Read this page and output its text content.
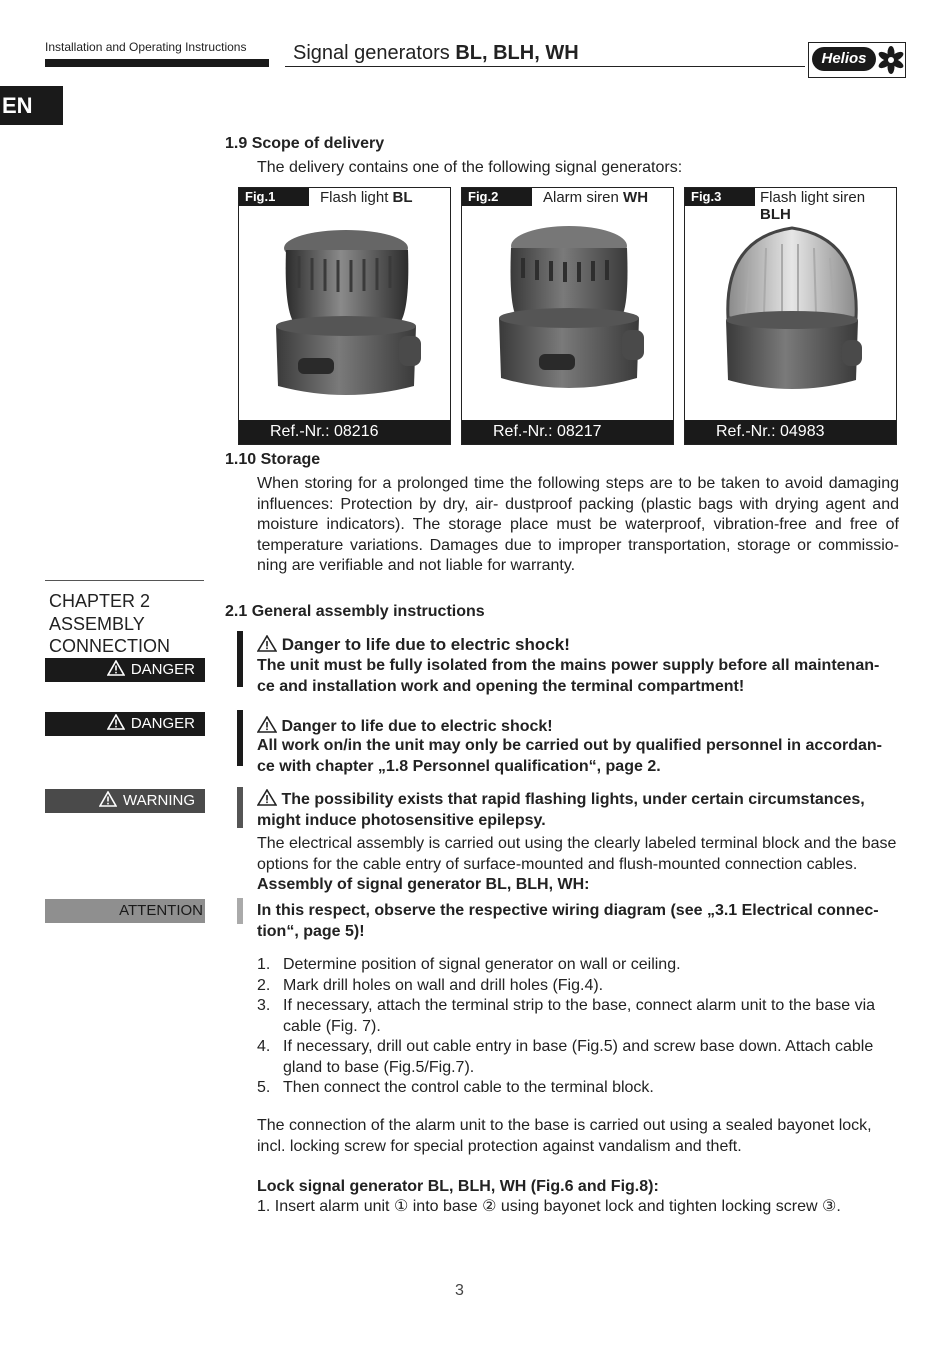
Installation and Operating Instructions Signal generators BL, BLH, WH	Helios
EN
1.9 Scope of delivery
The delivery contains one of the following signal generators:
Fig.1	Flash light BL
Ref.-Nr.: 08216
Fig.2	Alarm siren WH
Ref.-Nr.: 08217
Fig.3	Flash light siren BLH
Ref.-Nr.: 04983
1.10 Storage
When storing for a prolonged time the following steps are to be taken to avoid damaging
influences: Protection by dry, air- dustproof packing (plastic bags with drying agent and
moisture indicators). The storage place must be waterproof, vibration-free and free of
temperature variations. Damages due to improper transportation, storage or commissio-
ning are verifiable and not liable for warranty.
CHAPTER 2
ASSEMBLY
CONNECTION
2.1 General assembly instructions
DANGER
Danger to life due to electric shock!
The unit must be fully isolated from the mains power supply before all maintenan-
ce and installation work and opening the terminal compartment!
DANGER	Danger to life due to electric shock!
All work on/in the unit may only be carried out by qualified personnel in accordan-
ce with chapter „1.8 Personnel qualification“, page 2.
WARNING	The possibility exists that rapid flashing lights, under certain circumstances,
might induce photosensitive epilepsy.
The electrical assembly is carried out using the clearly labeled terminal block and the base
options for the cable entry of surface-mounted and flush-mounted connection cables.
Assembly of signal generator BL, BLH, WH:
ATTENTION	In this respect, observe the respective wiring diagram (see „3.1 Electrical connec-
tion“, page 5)!
1. Determine position of signal generator on wall or ceiling.
2. Mark drill holes on wall and drill holes (Fig.4).
3. If necessary, attach the terminal strip to the base, connect alarm unit to the base via
cable (Fig. 7).
4. If necessary, drill out cable entry in base (Fig.5) and screw base down. Attach cable
gland to base (Fig.5/Fig.7).
5. Then connect the control cable to the terminal block.
The connection of the alarm unit to the base is carried out using a sealed bayonet lock,
incl. locking screw for special protection against vandalism and theft.
Lock signal generator BL, BLH, WH (Fig.6 and Fig.8):
1. Insert alarm unit ① into base ② using bayonet lock and tighten locking screw ③.
3
